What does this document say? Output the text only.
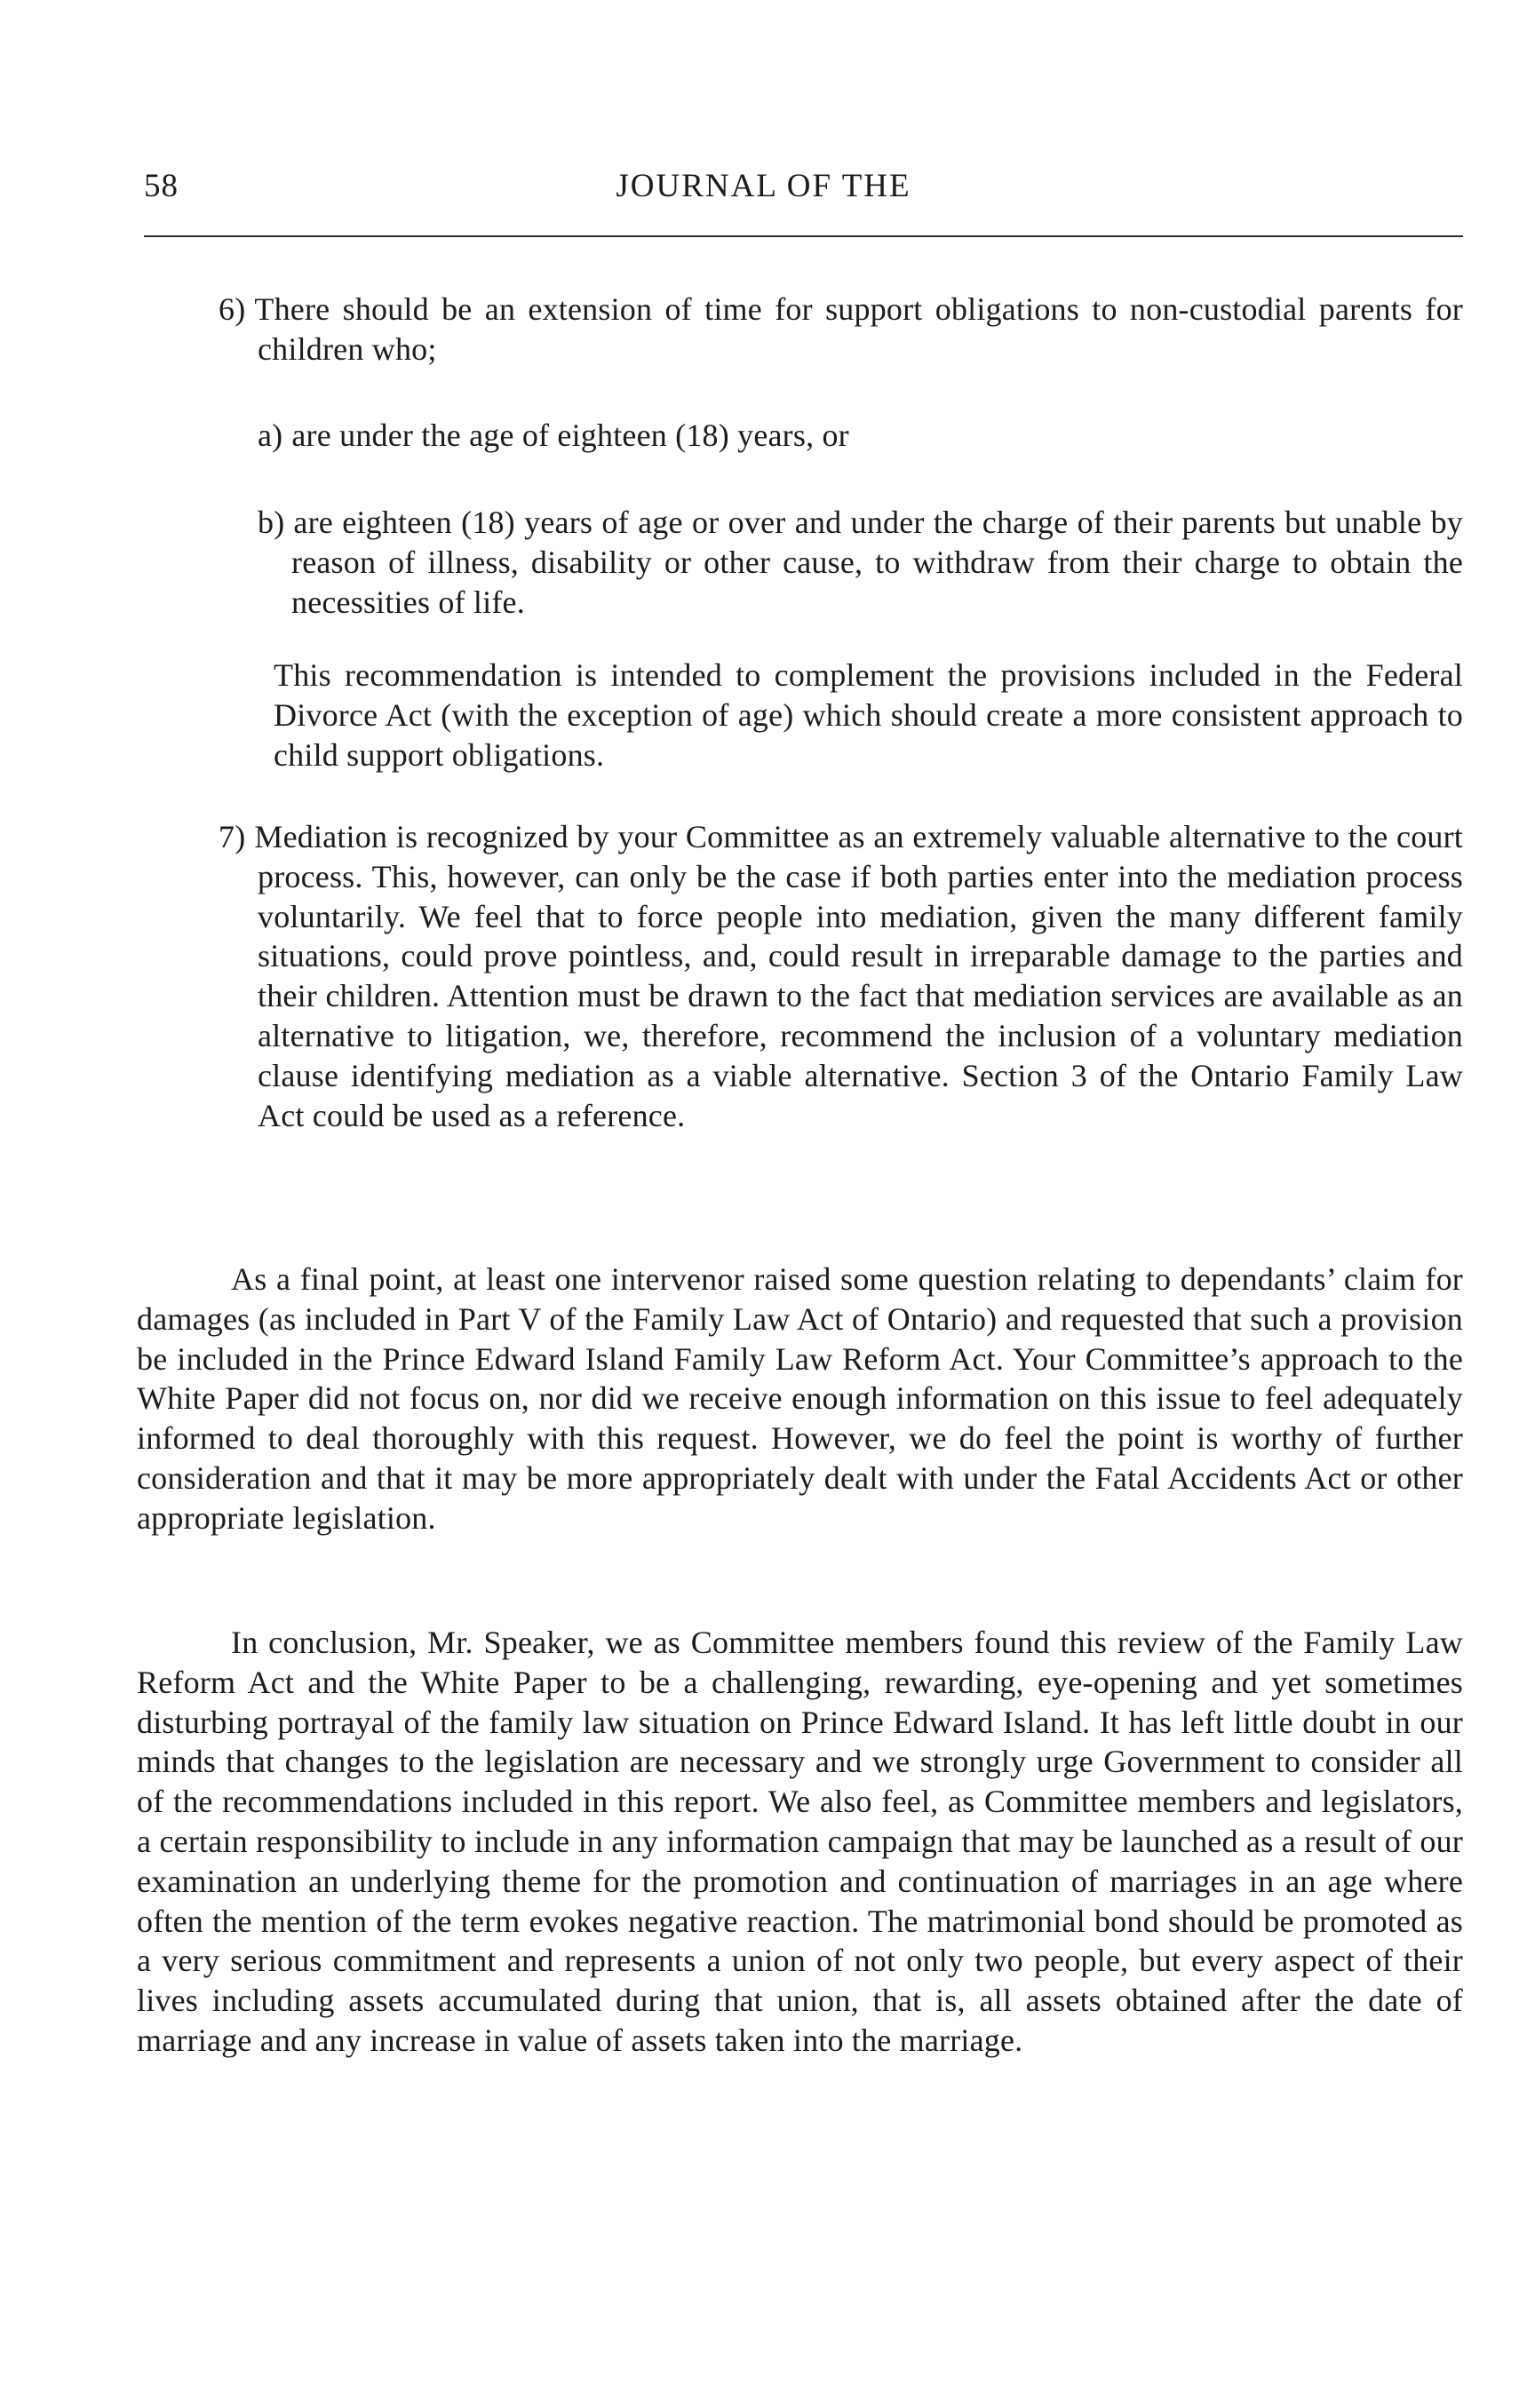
58	JOURNAL OF THE

6) There should be an extension of time for support obligations to non-custodial parents for children who;

a) are under the age of eighteen (18) years, or

b) are eighteen (18) years of age or over and under the charge of their parents but unable by reason of illness, disability or other cause, to withdraw from their charge to obtain the necessities of life.

This recommendation is intended to complement the provisions included in the Federal Divorce Act (with the exception of age) which should create a more consistent approach to child support obligations.

7) Mediation is recognized by your Committee as an extremely valuable alternative to the court process. This, however, can only be the case if both parties enter into the mediation process voluntarily. We feel that to force people into mediation, given the many different family situations, could prove pointless, and, could result in irreparable damage to the parties and their children. Attention must be drawn to the fact that mediation services are available as an alternative to litigation, we, therefore, recommend the inclusion of a voluntary mediation clause identifying mediation as a viable alternative. Section 3 of the Ontario Family Law Act could be used as a reference.

As a final point, at least one intervenor raised some question relating to dependants’ claim for damages (as included in Part V of the Family Law Act of Ontario) and requested that such a provision be included in the Prince Edward Island Family Law Reform Act. Your Committee’s approach to the White Paper did not focus on, nor did we receive enough information on this issue to feel adequately informed to deal thoroughly with this request. However, we do feel the point is worthy of further consideration and that it may be more appropriately dealt with under the Fatal Accidents Act or other appropriate legislation.

In conclusion, Mr. Speaker, we as Committee members found this review of the Family Law Reform Act and the White Paper to be a challenging, rewarding, eye-opening and yet sometimes disturbing portrayal of the family law situation on Prince Edward Island. It has left little doubt in our minds that changes to the legislation are necessary and we strongly urge Government to consider all of the recommendations included in this report. We also feel, as Committee members and legislators, a certain responsibility to include in any information campaign that may be launched as a result of our examination an underlying theme for the promotion and continuation of marriages in an age where often the mention of the term evokes negative reaction. The matrimonial bond should be promoted as a very serious commitment and represents a union of not only two people, but every aspect of their lives including assets accumulated during that union, that is, all assets obtained after the date of marriage and any increase in value of assets taken into the marriage.
